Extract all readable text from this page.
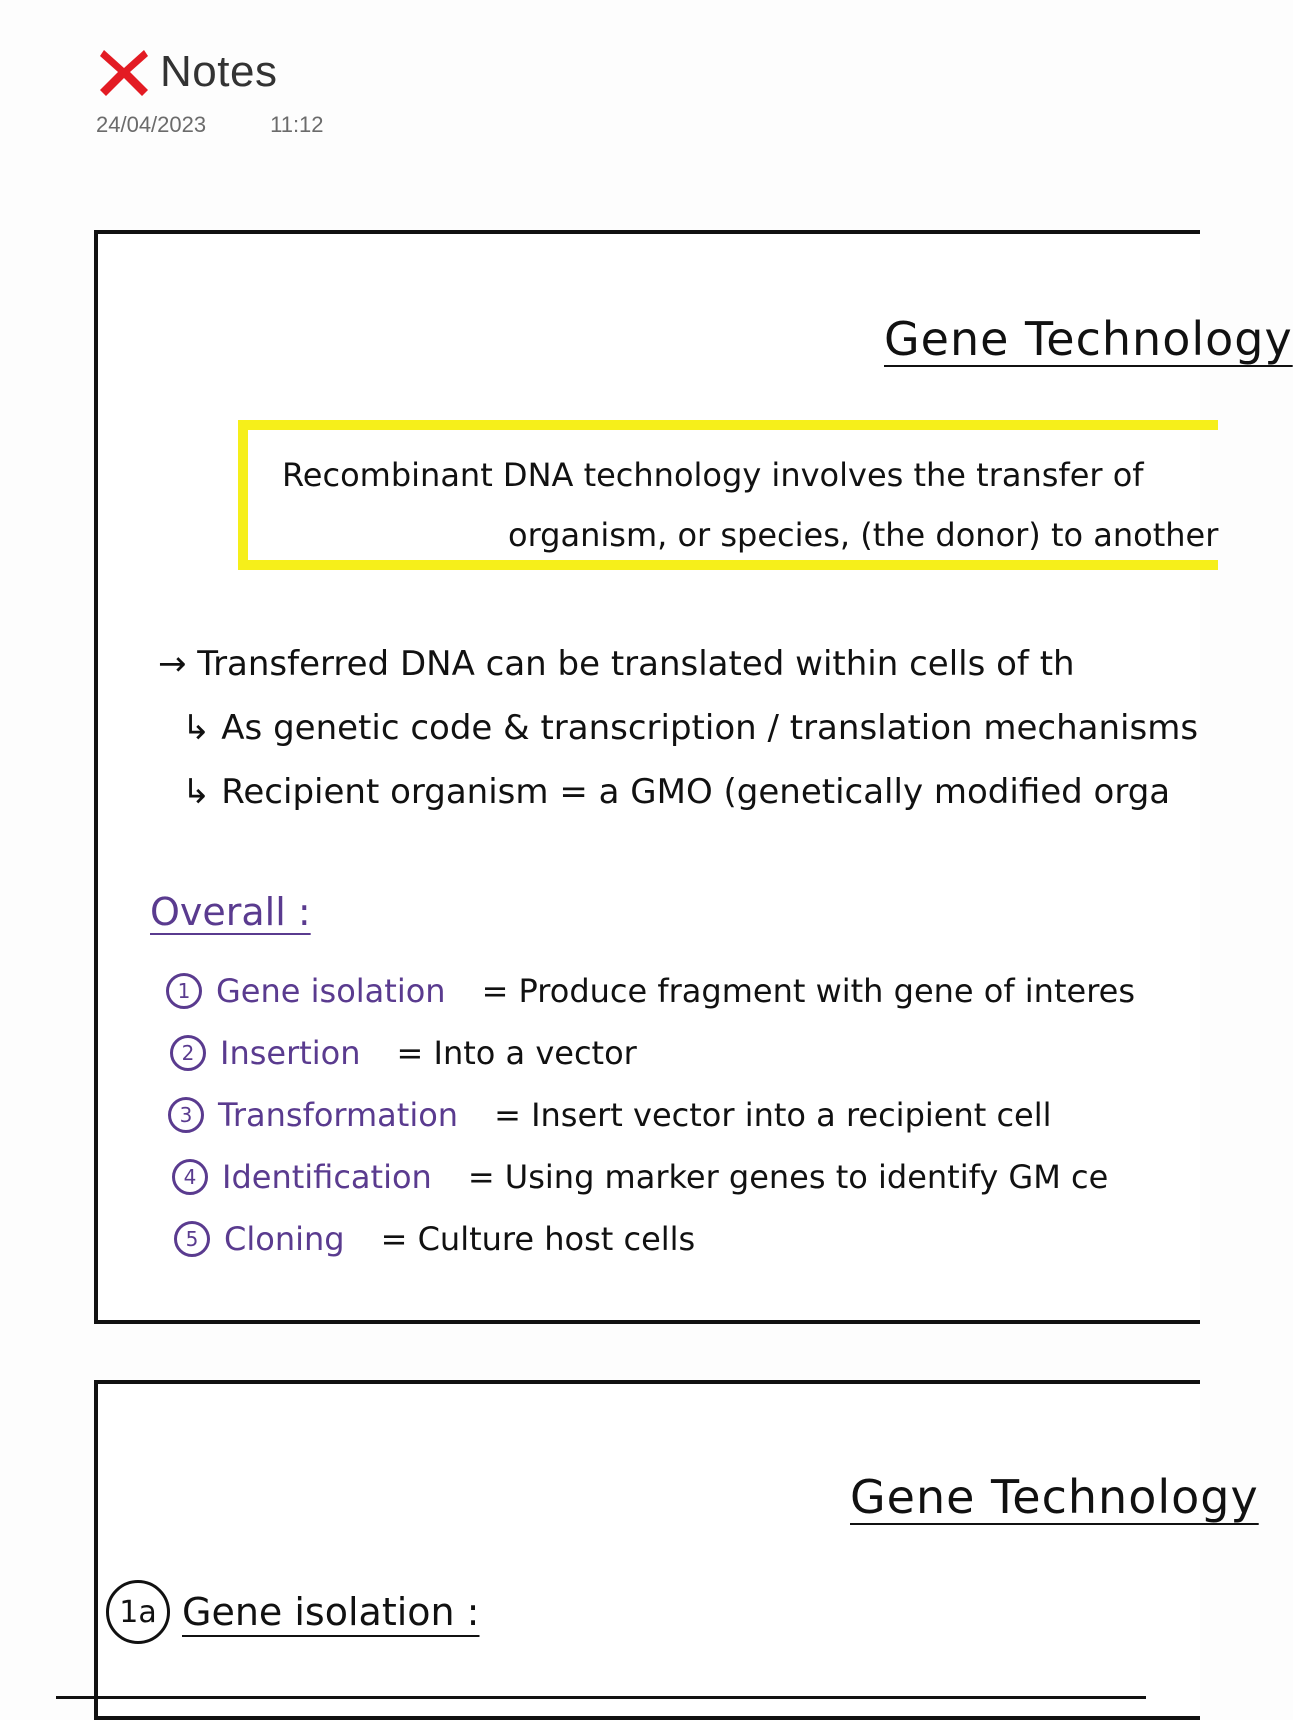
Notes
24/04/2023	11:12
Gene Technology
Recombinant DNA technology involves the transfer of
organism, or species, (the donor) to another
→ Transferred DNA can be translated within cells of th
↳ As genetic code & transcription / translation mechanisms
↳ Recipient organism = a GMO (genetically modified orga
Overall :
1 Gene isolation = Produce fragment with gene of interes
2 Insertion = Into a vector
3 Transformation = Insert vector into a recipient cell
4 Identification = Using marker genes to identify GM ce
5 Cloning = Culture host cells
Gene Technology
1a Gene isolation :
